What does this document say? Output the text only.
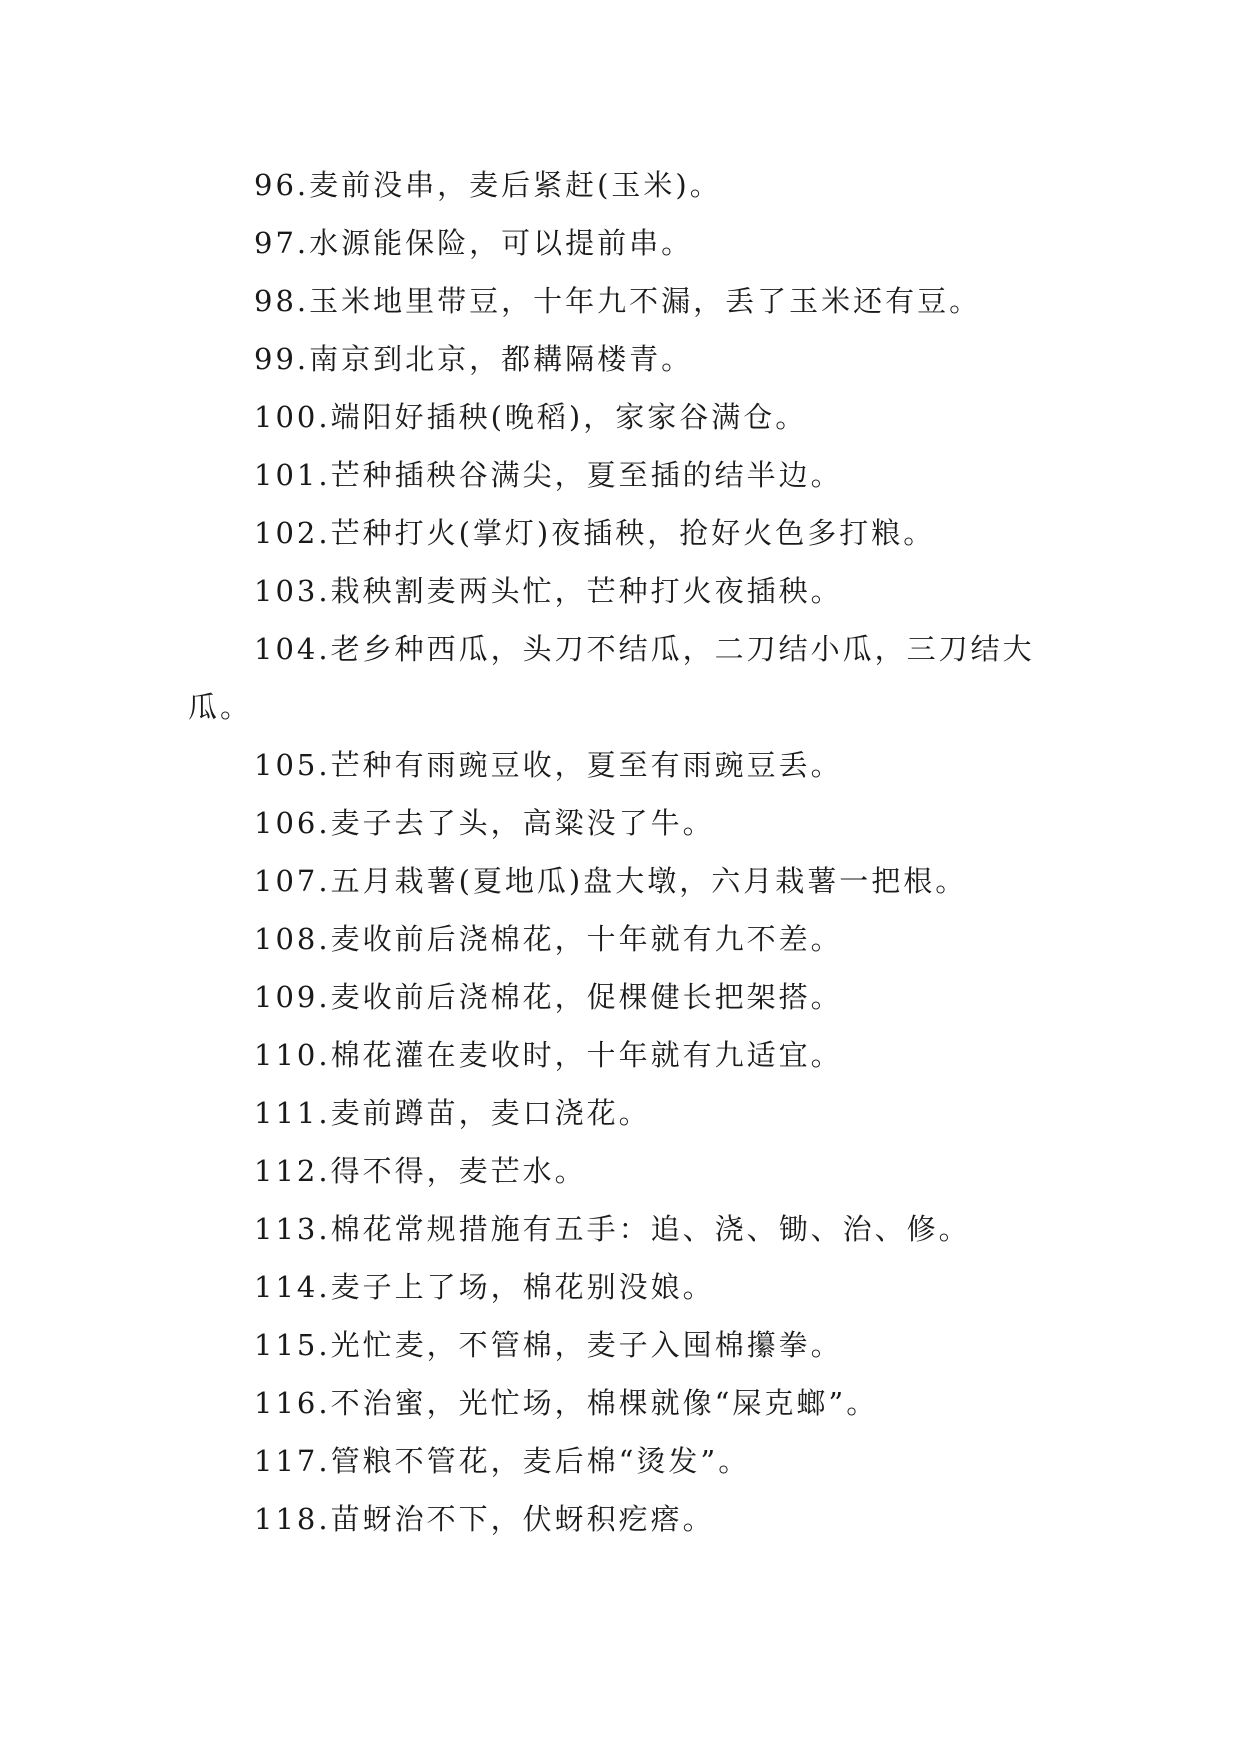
96.麦前没串，麦后紧赶(玉米)。

97.水源能保险，可以提前串。

98.玉米地里带豆，十年九不漏，丢了玉米还有豆。

99.南京到北京，都耩隔楼青。

100.端阳好插秧(晚稻)，家家谷满仓。

101.芒种插秧谷满尖，夏至插的结半边。

102.芒种打火(掌灯)夜插秧，抢好火色多打粮。

103.栽秧割麦两头忙，芒种打火夜插秧。

104.老乡种西瓜，头刀不结瓜，二刀结小瓜，三刀结大瓜。

105.芒种有雨豌豆收，夏至有雨豌豆丢。

106.麦子去了头，高粱没了牛。

107.五月栽薯(夏地瓜)盘大墩，六月栽薯一把根。

108.麦收前后浇棉花，十年就有九不差。

109.麦收前后浇棉花，促棵健长把架搭。

110.棉花灌在麦收时，十年就有九适宜。

111.麦前蹲苗，麦口浇花。

112.得不得，麦芒水。

113.棉花常规措施有五手：追、浇、锄、治、修。

114.麦子上了场，棉花别没娘。

115.光忙麦，不管棉，麦子入囤棉攥拳。

116.不治蜜，光忙场，棉棵就像“屎克螂”。

117.管粮不管花，麦后棉“烫发”。

118.苗蚜治不下，伏蚜积疙瘩。
